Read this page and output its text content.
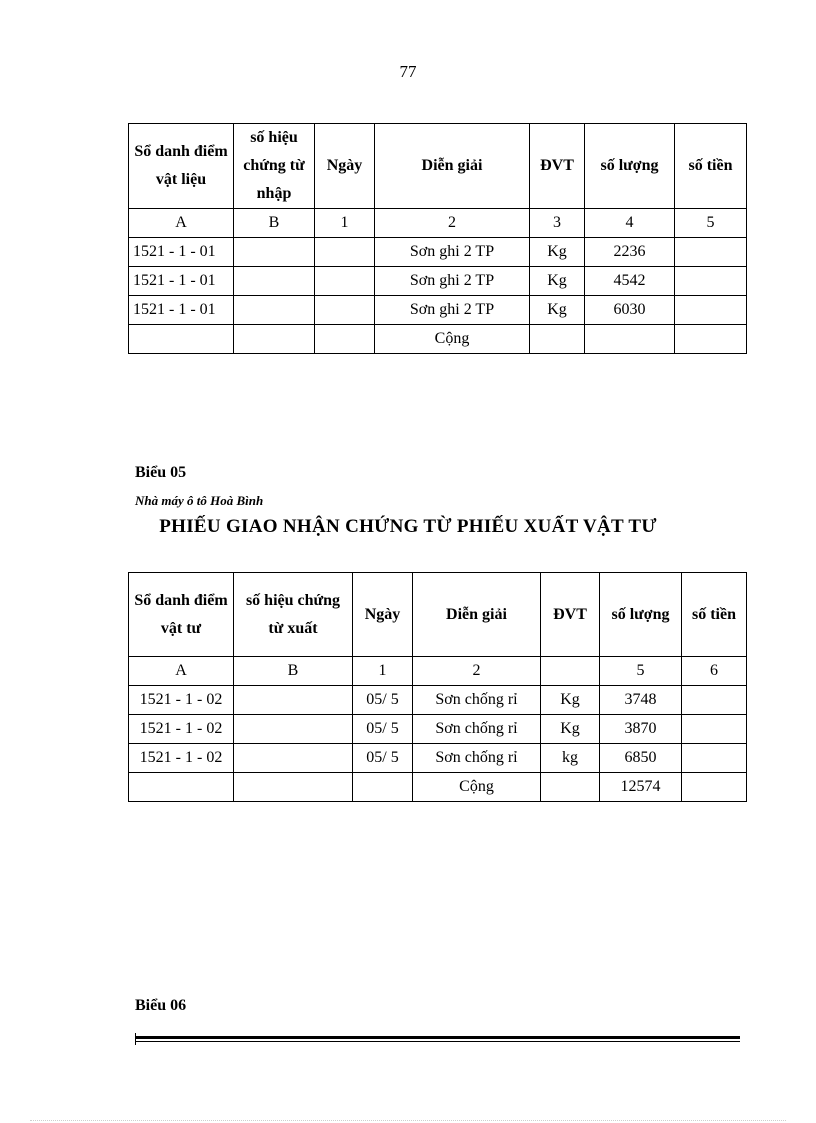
77
Sổ danh điểm vật liệu	số hiệu chứng từ nhập	Ngày	Diễn giải	ĐVT	số lượng	số tiền
A	B	1	2	3	4	5
1521 - 1 - 01			Sơn ghi 2 TP	Kg	2236	
1521 - 1 - 01			Sơn ghi 2 TP	Kg	4542	
1521 - 1 - 01			Sơn ghi 2 TP	Kg	6030	
			Cộng			
Biểu 05
Nhà máy ô tô Hoà Bình
PHIẾU GIAO NHẬN CHỨNG TỪ PHIẾU XUẤT VẬT TƯ
Sổ danh điểm vật tư	số hiệu chứng từ xuất	Ngày	Diễn giải	ĐVT	số lượng	số tiền
A	B	1	2		5	6
1521 - 1 - 02		05/ 5	Sơn chống rỉ	Kg	3748	
1521 - 1 - 02		05/ 5	Sơn chống rỉ	Kg	3870	
1521 - 1 - 02		05/ 5	Sơn chống rỉ	kg	6850	
			Cộng		12574	
Biểu 06
